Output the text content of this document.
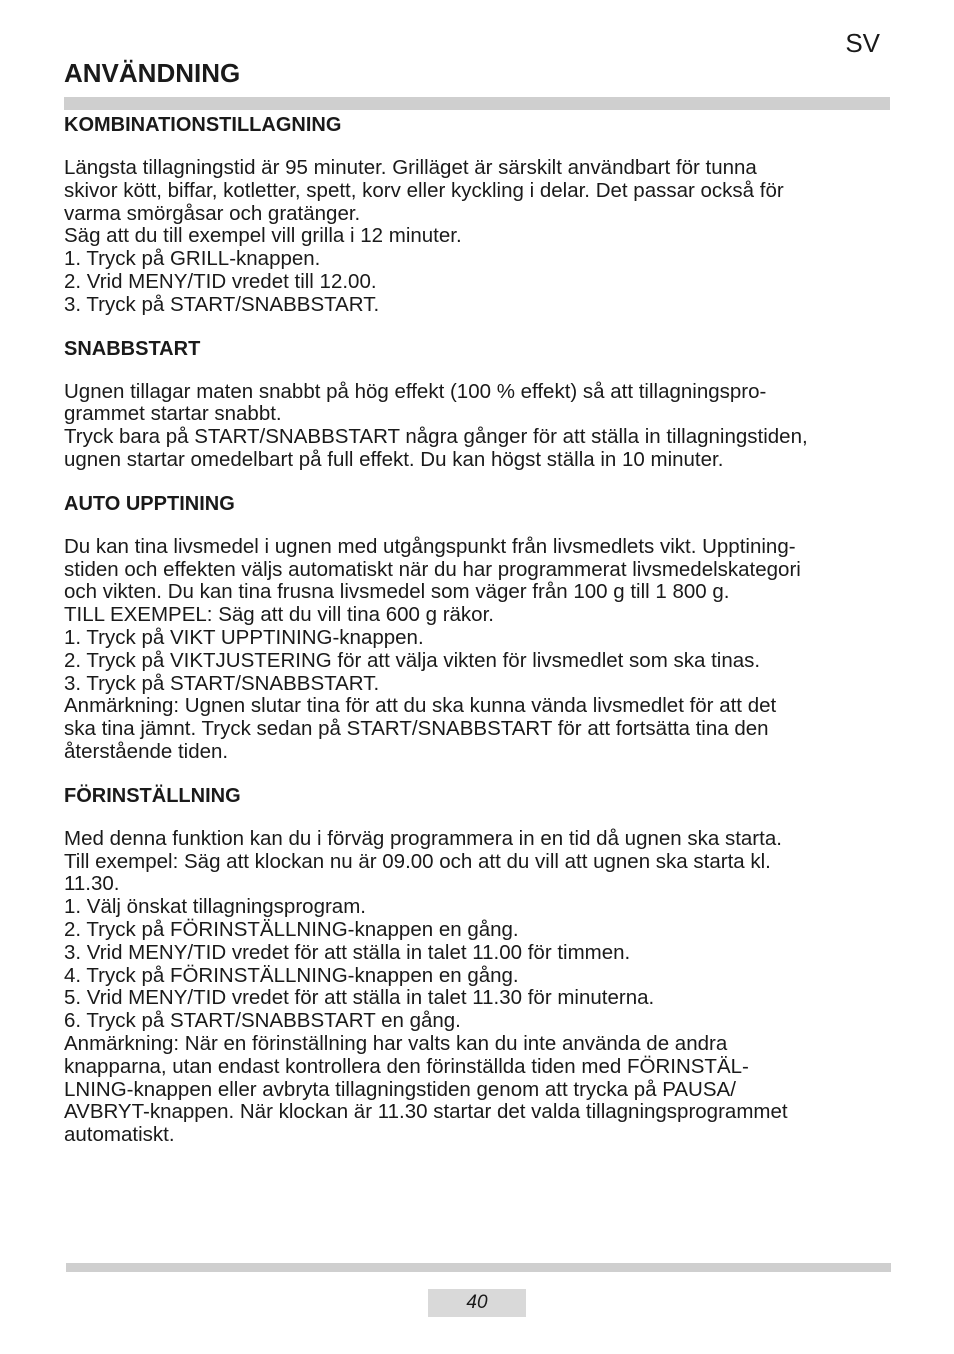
SV
ANVÄNDNING
KOMBINATIONSTILLAGNING

Längsta tillagningstid är 95 minuter. Grilläget är särskilt användbart för tunna

skivor kött, biffar, kotletter, spett, korv eller kyckling i delar. Det passar också för

varma smörgåsar och gratänger.

Säg att du till exempel vill grilla i 12 minuter.

1. Tryck på GRILL-knappen.

2. Vrid MENY/TID vredet till 12.00.

3. Tryck på START/SNABBSTART.

SNABBSTART

Ugnen tillagar maten snabbt på hög effekt (100 % effekt) så att tillagningspro-

grammet startar snabbt.

Tryck bara på START/SNABBSTART några gånger för att ställa in tillagningstiden,

ugnen startar omedelbart på full effekt. Du kan högst ställa in 10 minuter.

AUTO UPPTINING

Du kan tina livsmedel i ugnen med utgångspunkt från livsmedlets vikt. Upptining-

stiden och effekten väljs automatiskt när du har programmerat livsmedelskategori

och vikten. Du kan tina frusna livsmedel som väger från 100 g till 1 800 g.

TILL EXEMPEL: Säg att du vill tina 600 g räkor.

1. Tryck på VIKT UPPTINING-knappen.

2. Tryck på VIKTJUSTERING för att välja vikten för livsmedlet som ska tinas.

3. Tryck på START/SNABBSTART.

Anmärkning: Ugnen slutar tina för att du ska kunna vända livsmedlet för att det

ska tina jämnt. Tryck sedan på START/SNABBSTART för att fortsätta tina den

återstående tiden.

FÖRINSTÄLLNING

Med denna funktion kan du i förväg programmera in en tid då ugnen ska starta.

Till exempel: Säg att klockan nu är 09.00 och att du vill att ugnen ska starta kl.

11.30.

1. Välj önskat tillagningsprogram.

2. Tryck på FÖRINSTÄLLNING-knappen en gång.

3. Vrid MENY/TID vredet för att ställa in talet 11.00 för timmen.

4. Tryck på FÖRINSTÄLLNING-knappen en gång.

5. Vrid MENY/TID vredet för att ställa in talet 11.30 för minuterna.

6. Tryck på START/SNABBSTART en gång.

Anmärkning: När en förinställning har valts kan du inte använda de andra

knapparna, utan endast kontrollera den förinställda tiden med FÖRINSTÄL-

LNING-knappen eller avbryta tillagningstiden genom att trycka på PAUSA/

AVBRYT-knappen. När klockan är 11.30 startar det valda tillagningsprogrammet

automatiskt.

40
